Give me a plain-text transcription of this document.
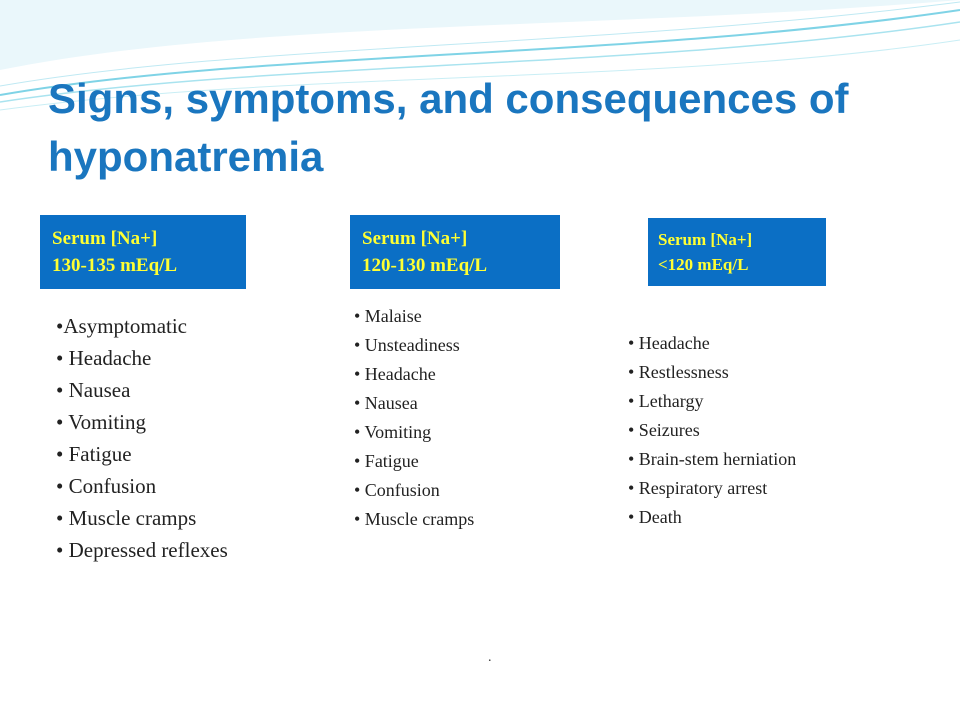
Signs, symptoms, and consequences of hyponatremia
Serum [Na+]
130-135 mEq/L
•Asymptomatic
• Headache
• Nausea
• Vomiting
• Fatigue
• Confusion
• Muscle cramps
• Depressed reflexes
Serum [Na+]
120-130 mEq/L
• Malaise
• Unsteadiness
• Headache
• Nausea
• Vomiting
• Fatigue
• Confusion
• Muscle cramps
Serum [Na+]
<120 mEq/L
• Headache
• Restlessness
• Lethargy
• Seizures
• Brain-stem herniation
• Respiratory arrest
• Death
.
